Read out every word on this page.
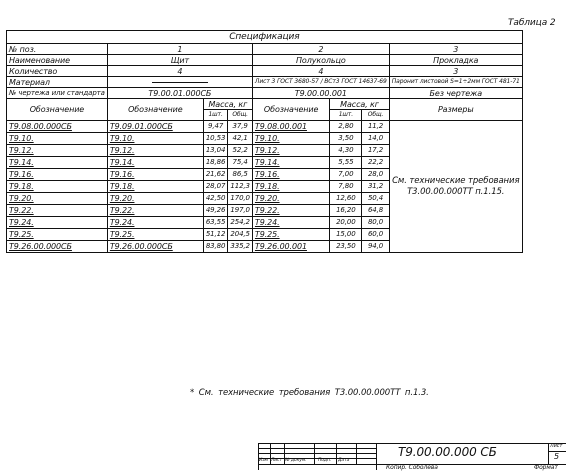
Таблица 2
Спецификация							
№ поз.	1			2			3
Наименование	Щит			Полукольцо			Прокладка
Количество	4			4			3
Материал				Лист 3 ГОСТ 3680-57 / ВСт3 ГОСТ 14637-69			Паронит листовой S=1÷2мм ГОСТ 481-71
№ чертежа или стандарта	Т9.00.01.000СБ			Т9.00.00.001			Без чертежа
Обозначение	Обозначение	Масса, кг		Обозначение	Масса, кг		Размеры
		1шт.	Общ.		1шт.	Общ.	
Т9.08.00.000СБ	Т9.09.01.000СБ	9,47	37,9	Т9.08.00.001	2,80	11,2	См. технические требования Т3.00.00.000ТТ п.1.15.
Т9.10.	Т9.10.	10,53	42,1	Т9.10.	3,50	14,0	
Т9.12.	Т9.12.	13,04	52,2	Т9.12.	4,30	17,2	
Т9.14.	Т9.14.	18,86	75,4	Т9.14.	5,55	22,2	
Т9.16.	Т9.16.	21,62	86,5	Т9.16.	7,00	28,0	
Т9.18.	Т9.18.	28,07	112,3	Т9.18.	7,80	31,2	
Т9.20.	Т9.20.	42,50	170,0	Т9.20.	12,60	50,4	
Т9.22.	Т9.22.	49,26	197,0	Т9.22.	16,20	64,8	
Т9.24.	Т9.24.	63,55	254,2	Т9.24.	20,00	80,0	
Т9.25.	Т9.25.	51,12	204,5	Т9.25.	15,00	60,0	
Т9.26.00.000СБ	Т9.26.00.000СБ	83,80	335,2	Т9.26.00.001	23,50	94,0	
* См. технические требования Т3.00.00.000ТТ п.1.3.
Изм Лист № докум.	Подп. Дата
Т9.00.00.000 СБ	Лист
5
Копир. Соболева	Формат
